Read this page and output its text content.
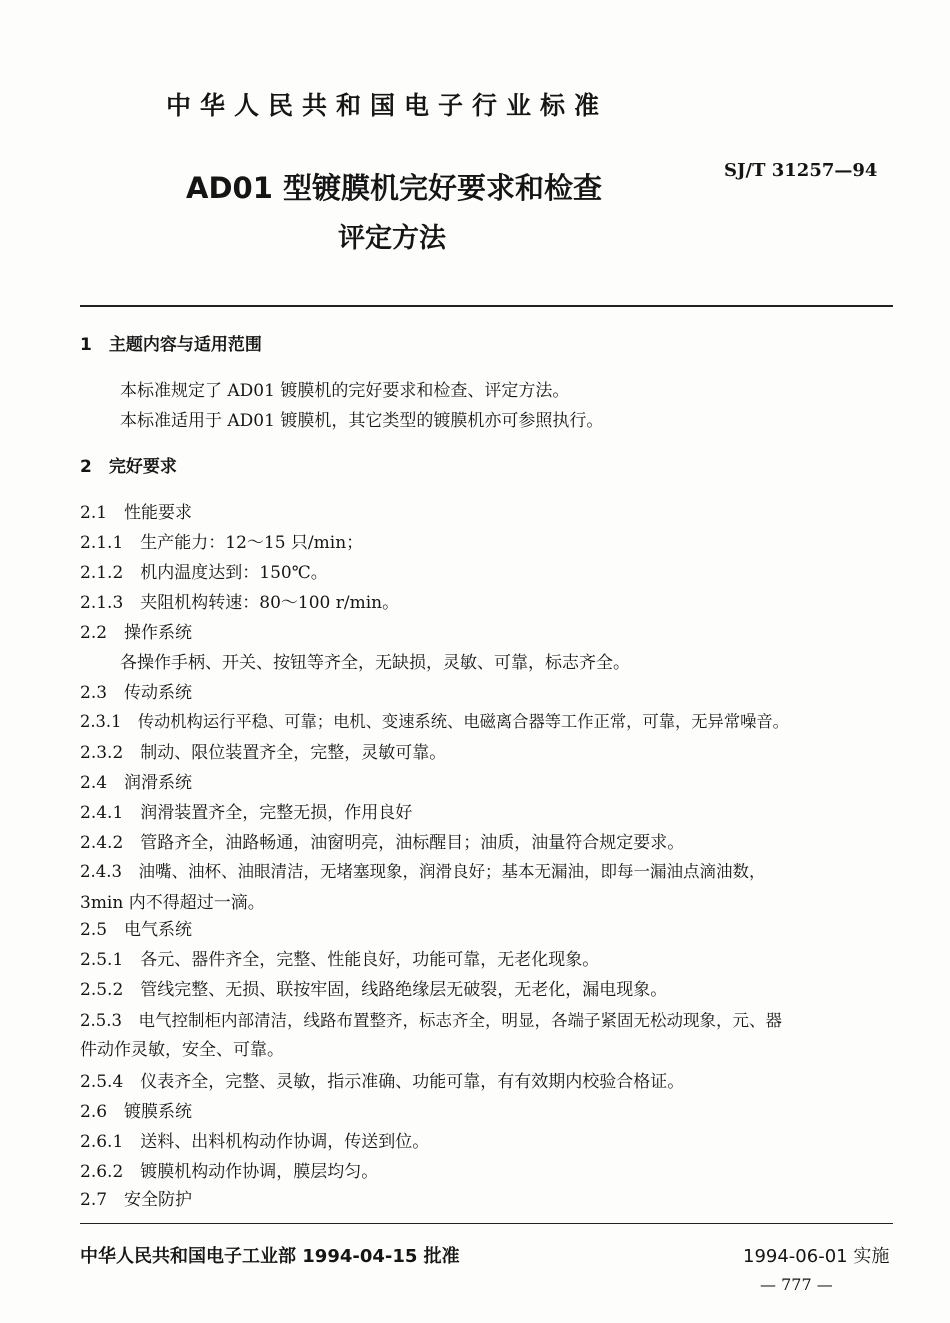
中华人民共和国电子行业标准
SJ/T 31257—94
AD01 型镀膜机完好要求和检查
评定方法
1　主题内容与适用范围
本标准规定了 AD01 镀膜机的完好要求和检查、评定方法。
本标准适用于 AD01 镀膜机，其它类型的镀膜机亦可参照执行。
2　完好要求
2.1　性能要求
2.1.1　生产能力：12～15 只/min；
2.1.2　机内温度达到：150℃。
2.1.3　夹阻机构转速：80～100 r/min。
2.2　操作系统
各操作手柄、开关、按钮等齐全，无缺损，灵敏、可靠，标志齐全。
2.3　传动系统
2.3.1　传动机构运行平稳、可靠；电机、变速系统、电磁离合器等工作正常，可靠，无异常噪音。
2.3.2　制动、限位装置齐全，完整，灵敏可靠。
2.4　润滑系统
2.4.1　润滑装置齐全，完整无损，作用良好
2.4.2　管路齐全，油路畅通，油窗明亮，油标醒目；油质，油量符合规定要求。
2.4.3　油嘴、油杯、油眼清洁，无堵塞现象，润滑良好；基本无漏油，即每一漏油点滴油数，
3min 内不得超过一滴。
2.5　电气系统
2.5.1　各元、器件齐全，完整、性能良好，功能可靠，无老化现象。
2.5.2　管线完整、无损、联按牢固，线路绝缘层无破裂，无老化，漏电现象。
2.5.3　电气控制柜内部清洁，线路布置整齐，标志齐全，明显，各端子紧固无松动现象，元、器
件动作灵敏，安全、可靠。
2.5.4　仪表齐全，完整、灵敏，指示准确、功能可靠，有有效期内校验合格证。
2.6　镀膜系统
2.6.1　送料、出料机构动作协调，传送到位。
2.6.2　镀膜机构动作协调，膜层均匀。
2.7　安全防护
中华人民共和国电子工业部 1994-04-15 批准	1994-06-01 实施
— 777 —
